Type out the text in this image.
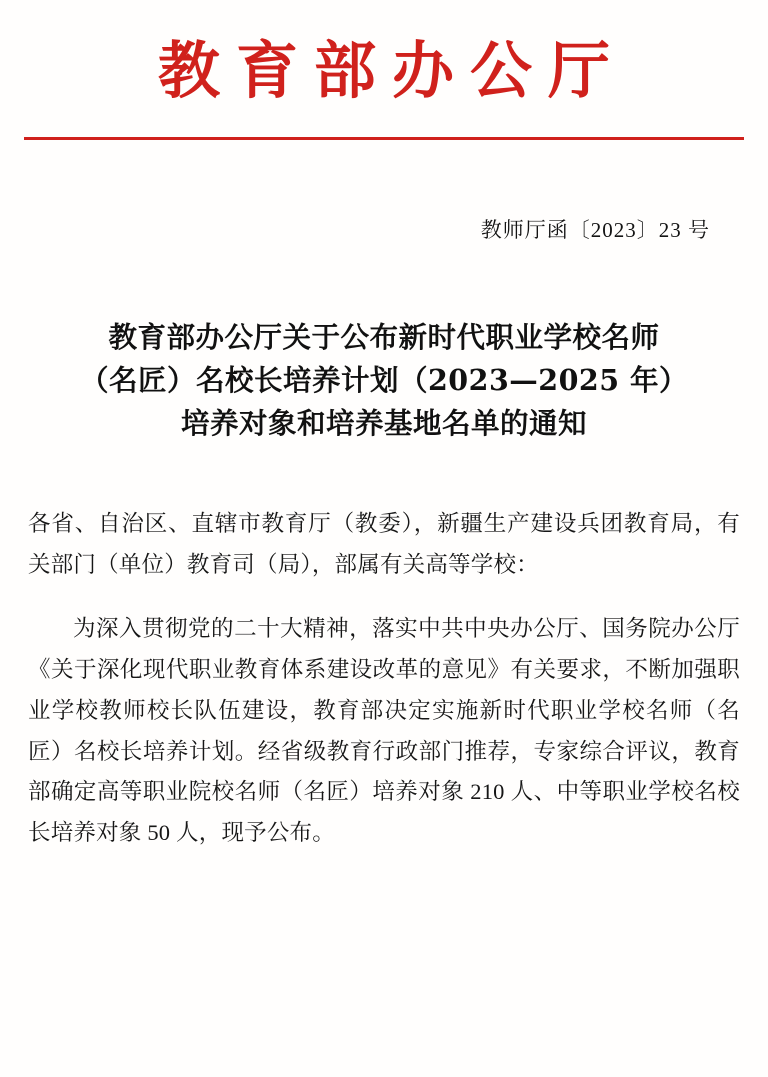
教育部办公厅
教师厅函〔2023〕23 号
教育部办公厅关于公布新时代职业学校名师
（名匠）名校长培养计划（2023—2025 年）
培养对象和培养基地名单的通知

各省、自治区、直辖市教育厅（教委），新疆生产建设兵团教育局，有关部门（单位）教育司（局），部属有关高等学校：

为深入贯彻党的二十大精神，落实中共中央办公厅、国务院办公厅《关于深化现代职业教育体系建设改革的意见》有关要求，不断加强职业学校教师校长队伍建设，教育部决定实施新时代职业学校名师（名匠）名校长培养计划。经省级教育行政部门推荐，专家综合评议，教育部确定高等职业院校名师（名匠）培养对象 210 人、中等职业学校名校长培养对象 50 人，现予公布。
